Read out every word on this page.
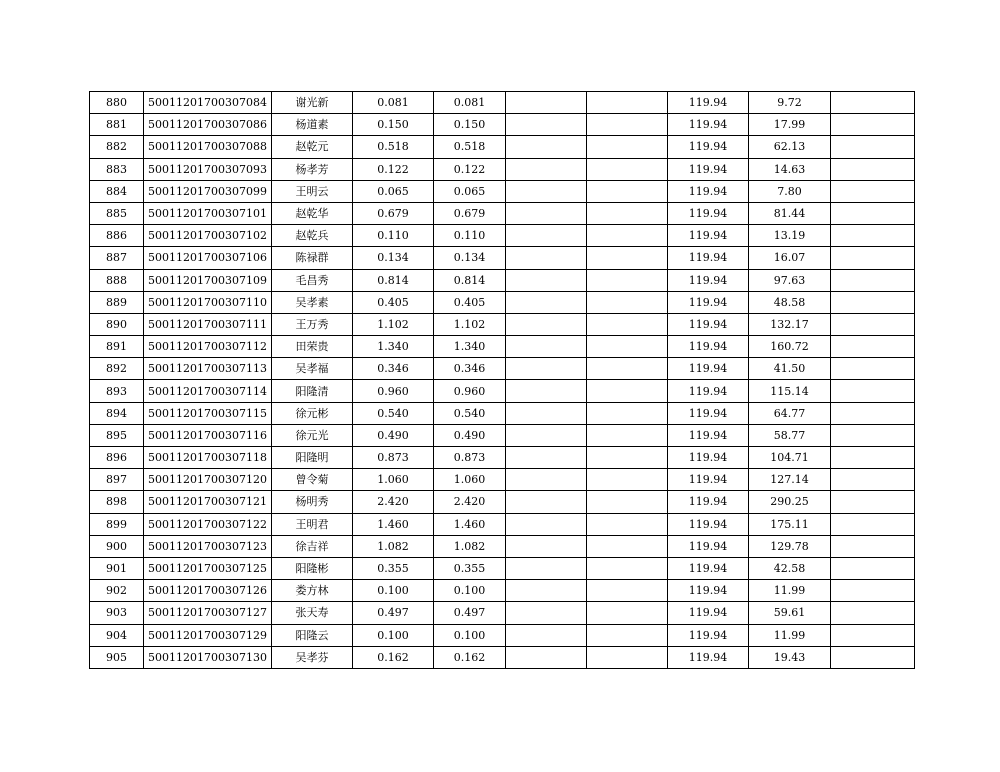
880	50011201700307084	谢光新	0.081	0.081			119.94	9.72	
881	50011201700307086	杨道素	0.150	0.150			119.94	17.99	
882	50011201700307088	赵乾元	0.518	0.518			119.94	62.13	
883	50011201700307093	杨孝芳	0.122	0.122			119.94	14.63	
884	50011201700307099	王明云	0.065	0.065			119.94	7.80	
885	50011201700307101	赵乾华	0.679	0.679			119.94	81.44	
886	50011201700307102	赵乾兵	0.110	0.110			119.94	13.19	
887	50011201700307106	陈禄群	0.134	0.134			119.94	16.07	
888	50011201700307109	毛昌秀	0.814	0.814			119.94	97.63	
889	50011201700307110	吴孝素	0.405	0.405			119.94	48.58	
890	50011201700307111	王万秀	1.102	1.102			119.94	132.17	
891	50011201700307112	田荣贵	1.340	1.340			119.94	160.72	
892	50011201700307113	吴孝福	0.346	0.346			119.94	41.50	
893	50011201700307114	阳隆清	0.960	0.960			119.94	115.14	
894	50011201700307115	徐元彬	0.540	0.540			119.94	64.77	
895	50011201700307116	徐元光	0.490	0.490			119.94	58.77	
896	50011201700307118	阳隆明	0.873	0.873			119.94	104.71	
897	50011201700307120	曾令菊	1.060	1.060			119.94	127.14	
898	50011201700307121	杨明秀	2.420	2.420			119.94	290.25	
899	50011201700307122	王明君	1.460	1.460			119.94	175.11	
900	50011201700307123	徐吉祥	1.082	1.082			119.94	129.78	
901	50011201700307125	阳隆彬	0.355	0.355			119.94	42.58	
902	50011201700307126	娄方林	0.100	0.100			119.94	11.99	
903	50011201700307127	张天寿	0.497	0.497			119.94	59.61	
904	50011201700307129	阳隆云	0.100	0.100			119.94	11.99	
905	50011201700307130	吴孝芬	0.162	0.162			119.94	19.43	
